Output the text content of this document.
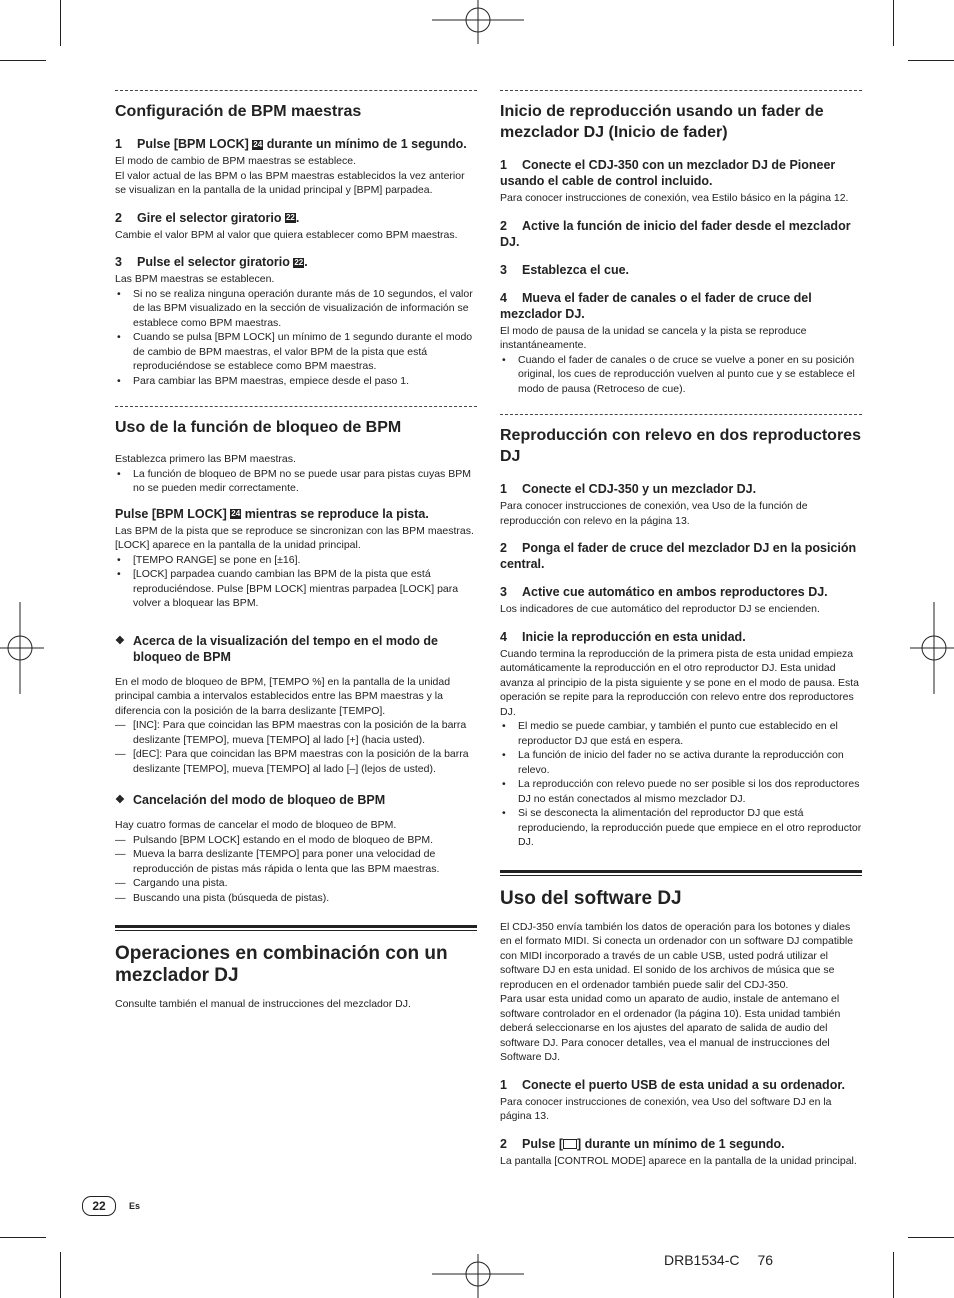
Configuración de BPM maestras
1 Pulse [BPM LOCK] 24 durante un mínimo de 1 segundo.

El modo de cambio de BPM maestras se establece.

El valor actual de las BPM o las BPM maestras establecidos la vez anterior se visualizan en la pantalla de la unidad principal y [BPM] parpadea.

2 Gire el selector giratorio 22.

Cambie el valor BPM al valor que quiera establecer como BPM maestras.

3 Pulse el selector giratorio 22.

Las BPM maestras se establecen.

• Si no se realiza ninguna operación durante más de 10 segundos, el valor de las BPM visualizado en la sección de visualización de información se establece como BPM maestras.
• Cuando se pulsa [BPM LOCK] un mínimo de 1 segundo durante el modo de cambio de BPM maestras, el valor BPM de la pista que está reproduciéndose se establece como BPM maestras.
• Para cambiar las BPM maestras, empiece desde el paso 1.
Uso de la función de bloqueo de BPM

Establezca primero las BPM maestras.

• La función de bloqueo de BPM no se puede usar para pistas cuyas BPM no se pueden medir correctamente.
Pulse [BPM LOCK] 24 mientras se reproduce la pista.

Las BPM de la pista que se reproduce se sincronizan con las BPM maestras.

[LOCK] aparece en la pantalla de la unidad principal.

• [TEMPO RANGE] se pone en [±16].
• [LOCK] parpadea cuando cambian las BPM de la pista que está reproduciéndose. Pulse [BPM LOCK] mientras parpadea [LOCK] para volver a bloquear las BPM.
❖ Acerca de la visualización del tempo en el modo de bloqueo de BPM

En el modo de bloqueo de BPM, [TEMPO %] en la pantalla de la unidad principal cambia a intervalos establecidos entre las BPM maestras y la diferencia con la posición de la barra deslizante [TEMPO].

— [INC]: Para que coincidan las BPM maestras con la posición de la barra deslizante [TEMPO], mueva [TEMPO] al lado [+] (hacia usted).
— [dEC]: Para que coincidan las BPM maestras con la posición de la barra deslizante [TEMPO], mueva [TEMPO] al lado [–] (lejos de usted).
❖ Cancelación del modo de bloqueo de BPM

Hay cuatro formas de cancelar el modo de bloqueo de BPM.

— Pulsando [BPM LOCK] estando en el modo de bloqueo de BPM.
— Mueva la barra deslizante [TEMPO] para poner una velocidad de reproducción de pistas más rápida o lenta que las BPM maestras.
— Cargando una pista.
— Buscando una pista (búsqueda de pistas).
Operaciones en combinación con un mezclador DJ

Consulte también el manual de instrucciones del mezclador DJ.

Inicio de reproducción usando un fader de mezclador DJ (Inicio de fader)
1 Conecte el CDJ-350 con un mezclador DJ de Pioneer usando el cable de control incluido.

Para conocer instrucciones de conexión, vea Estilo básico en la página 12.

2 Active la función de inicio del fader desde el mezclador DJ.
3 Establezca el cue.
4 Mueva el fader de canales o el fader de cruce del mezclador DJ.

El modo de pausa de la unidad se cancela y la pista se reproduce instantáneamente.

• Cuando el fader de canales o de cruce se vuelve a poner en su posición original, los cues de reproducción vuelven al punto cue y se establece el modo de pausa (Retroceso de cue).
Reproducción con relevo en dos reproductores DJ
1 Conecte el CDJ-350 y un mezclador DJ.

Para conocer instrucciones de conexión, vea Uso de la función de reproducción con relevo en la página 13.

2 Ponga el fader de cruce del mezclador DJ en la posición central.
3 Active cue automático en ambos reproductores DJ.

Los indicadores de cue automático del reproductor DJ se encienden.

4 Inicie la reproducción en esta unidad.

Cuando termina la reproducción de la primera pista de esta unidad empieza automáticamente la reproducción en el otro reproductor DJ. Esta unidad avanza al principio de la pista siguiente y se pone en el modo de pausa. Esta operación se repite para la reproducción con relevo entre dos reproductores DJ.

• El medio se puede cambiar, y también el punto cue establecido en el reproductor DJ que está en espera.
• La función de inicio del fader no se activa durante la reproducción con relevo.
• La reproducción con relevo puede no ser posible si los dos reproductores DJ no están conectados al mismo mezclador DJ.
• Si se desconecta la alimentación del reproductor DJ que está reproduciendo, la reproducción puede que empiece en el otro reproductor DJ.
Uso del software DJ

El CDJ-350 envía también los datos de operación para los botones y diales en el formato MIDI. Si conecta un ordenador con un software DJ compatible con MIDI incorporado a través de un cable USB, usted podrá utilizar el software DJ en esta unidad. El sonido de los archivos de música que se reproducen en el ordenador también puede salir del CDJ-350.

Para usar esta unidad como un aparato de audio, instale de antemano el software controlador en el ordenador (la página 10). Esta unidad también deberá seleccionarse en los ajustes del aparato de salida de audio del software DJ. Para conocer detalles, vea el manual de instrucciones del Software DJ.

1 Conecte el puerto USB de esta unidad a su ordenador.

Para conocer instrucciones de conexión, vea Uso del software DJ en la página 13.

2 Pulse [ ] durante un mínimo de 1 segundo.

La pantalla [CONTROL MODE] aparece en la pantalla de la unidad principal.

22	Es
DRB1534-C 76
